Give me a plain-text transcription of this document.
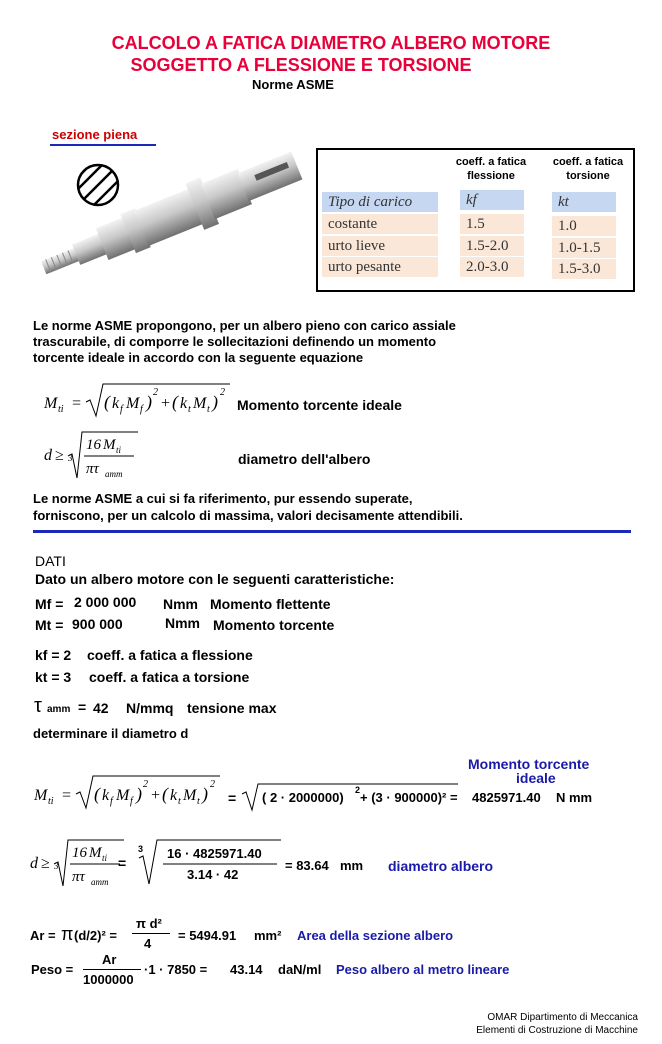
CALCOLO A FATICA DIAMETRO ALBERO MOTORE
SOGGETTO A FLESSIONE E TORSIONE
Norme ASME
sezione piena
coeff. a fatica flessione
coeff. a fatica torsione
Tipo di carico	kf	kt
costante	1.5	1.0
urto lieve	1.5-2.0	1.0-1.5
urto pesante	2.0-3.0	1.5-3.0
Le norme ASME propongono, per un albero pieno con carico assiale
trascurabile, di comporre le sollecitazioni definendo un momento
torcente ideale in accordo con la seguente equazione
M ti = ( k f M f ) 2
+ ( k t M t ) 2
Momento torcente ideale
d ≥ 3
16 M ti
πτ amm
diametro dell'albero
Le norme ASME a cui si fa riferimento, pur essendo superate,
forniscono, per un calcolo di massima, valori decisamente attendibili.
DATI
Dato un albero motore con le seguenti caratteristiche:
Mf = 2 000 000 Nmm Momento flettente
Mt = 900 000	Nmm Momento torcente
kf = 2 coeff. a fatica a flessione
kt = 3 coeff. a fatica a torsione
τ amm = 42 N/mmq tensione max
determinare il diametro d
Momento torcente
ideale
M ti = ( k f M f ) 2
+ ( k t M t ) 2
= ( 2 · 2000000) 2 + (3 · 900000)² = 4825971.40 N mm
d ≥ 3
16 M ti
πτ amm
=
3 16 · 4825971.40
3.14 · 42
= 83.64 mm diametro albero
Ar = π (d/2)² =
π d²
4
= 5494.91 mm² Area della sezione albero
Peso =
Ar
1000000
·1 · 7850 = 43.14 daN/ml Peso albero al metro lineare
OMAR Dipartimento di Meccanica
Elementi di Costruzione di Macchine
